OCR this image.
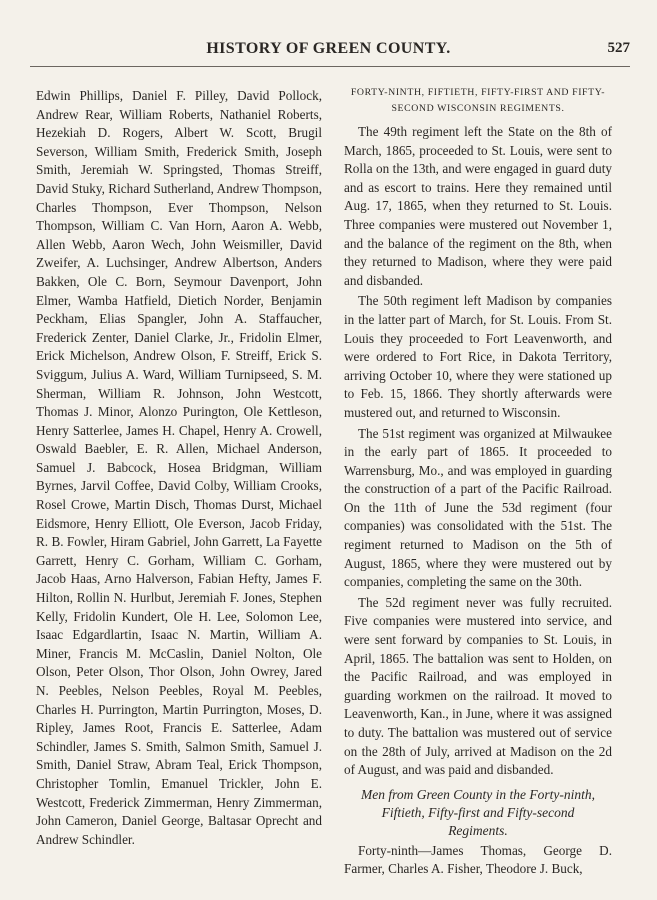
HISTORY OF GREEN COUNTY.	527

Edwin Phillips, Daniel F. Pilley, David Pollock, Andrew Rear, William Roberts, Nathaniel Roberts, Hezekiah D. Rogers, Albert W. Scott, Brugil Severson, William Smith, Frederick Smith, Joseph Smith, Jeremiah W. Springsted, Thomas Streiff, David Stuky, Richard Sutherland, Andrew Thompson, Charles Thompson, Ever Thompson, Nelson Thompson, William C. Van Horn, Aaron A. Webb, Allen Webb, Aaron Wech, John Weismiller, David Zweifer, A. Luchsinger, Andrew Albertson, Anders Bakken, Ole C. Born, Seymour Davenport, John Elmer, Wamba Hatfield, Dietich Norder, Benjamin Peckham, Elias Spangler, John A. Staffaucher, Frederick Zenter, Daniel Clarke, Jr., Fridolin Elmer, Erick Michelson, Andrew Olson, F. Streiff, Erick S. Sviggum, Julius A. Ward, William Turnipseed, S. M. Sherman, William R. Johnson, John Westcott, Thomas J. Minor, Alonzo Purington, Ole Kettleson, Henry Satterlee, James H. Chapel, Henry A. Crowell, Oswald Baebler, E. R. Allen, Michael Anderson, Samuel J. Babcock, Hosea Bridgman, William Byrnes, Jarvil Coffee, David Colby, William Crooks, Rosel Crowe, Martin Disch, Thomas Durst, Michael Eidsmore, Henry Elliott, Ole Everson, Jacob Friday, R. B. Fowler, Hiram Gabriel, John Garrett, La Fayette Garrett, Henry C. Gorham, William C. Gorham, Jacob Haas, Arno Halverson, Fabian Hefty, James F. Hilton, Rollin N. Hurlbut, Jeremiah F. Jones, Stephen Kelly, Fridolin Kundert, Ole H. Lee, Solomon Lee, Isaac Edgardlartin, Isaac N. Martin, William A. Miner, Francis M. McCaslin, Daniel Nolton, Ole Olson, Peter Olson, Thor Olson, John Owrey, Jared N. Peebles, Nelson Peebles, Royal M. Peebles, Charles H. Purrington, Martin Purrington, Moses, D. Ripley, James Root, Francis E. Satterlee, Adam Schindler, James S. Smith, Salmon Smith, Samuel J. Smith, Daniel Straw, Abram Teal, Erick Thompson, Christopher Tomlin, Emanuel Trickler, John E. Westcott, Frederick Zimmerman, Henry Zimmerman, John Cameron, Daniel George, Baltasar Oprecht and Andrew Schindler.

FORTY-NINTH, FIFTIETH, FIFTY-FIRST AND FIFTY-
SECOND WISCONSIN REGIMENTS.

The 49th regiment left the State on the 8th of March, 1865, proceeded to St. Louis, were sent to Rolla on the 13th, and were engaged in guard duty and as escort to trains. Here they remained until Aug. 17, 1865, when they returned to St. Louis. Three companies were mustered out November 1, and the balance of the regiment on the 8th, when they returned to Madison, where they were paid and disbanded.

The 50th regiment left Madison by companies in the latter part of March, for St. Louis. From St. Louis they proceeded to Fort Leavenworth, and were ordered to Fort Rice, in Dakota Territory, arriving October 10, where they were stationed up to Feb. 15, 1866. They shortly afterwards were mustered out, and returned to Wisconsin.

The 51st regiment was organized at Milwaukee in the early part of 1865. It proceeded to Warrensburg, Mo., and was employed in guarding the construction of a part of the Pacific Railroad. On the 11th of June the 53d regiment (four companies) was consolidated with the 51st. The regiment returned to Madison on the 5th of August, 1865, where they were mustered out by companies, completing the same on the 30th.

The 52d regiment never was fully recruited. Five companies were mustered into service, and were sent forward by companies to St. Louis, in April, 1865. The battalion was sent to Holden, on the Pacific Railroad, and was employed in guarding workmen on the railroad. It moved to Leavenworth, Kan., in June, where it was assigned to duty. The battalion was mustered out of service on the 28th of July, arrived at Madison on the 2d of August, and was paid and disbanded.

Men from Green County in the Forty-ninth,
Fiftieth, Fifty-first and Fifty-second
Regiments.

Forty-ninth—James Thomas, George D. Farmer, Charles A. Fisher, Theodore J. Buck,
